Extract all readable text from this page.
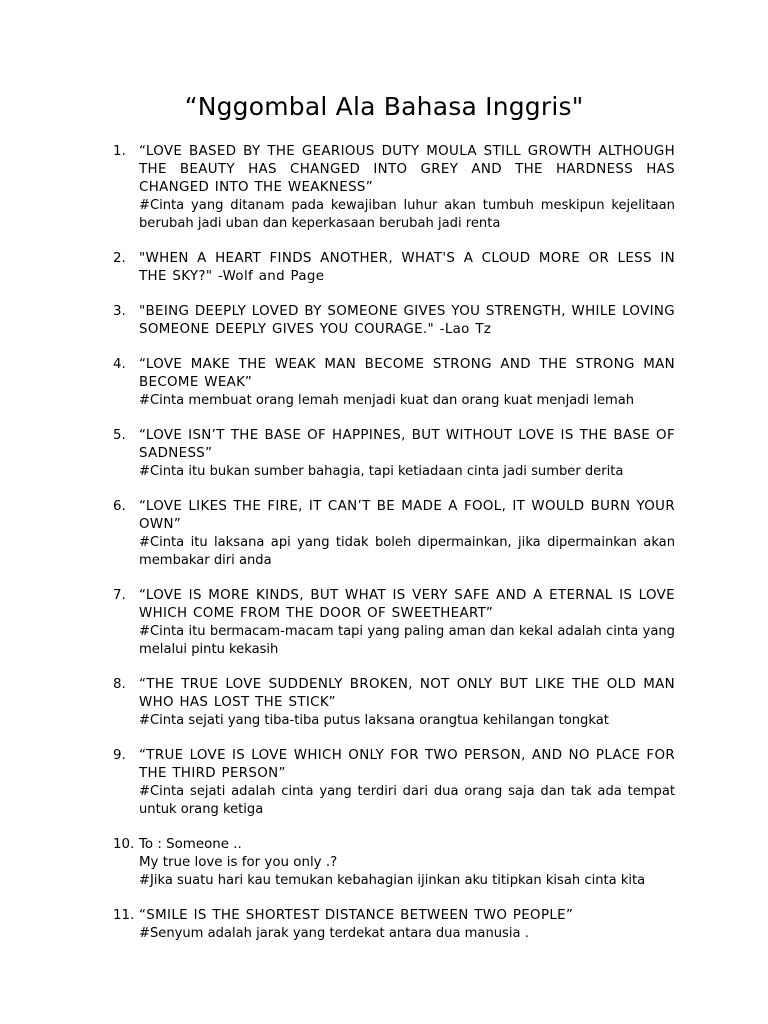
“Nggombal Ala Bahasa Inggris"
1. “LOVE BASED BY THE GEARIOUS DUTY MOULA STILL GROWTH ALTHOUGH THE BEAUTY HAS CHANGED INTO GREY AND THE HARDNESS HAS CHANGED INTO THE WEAKNESS”
#Cinta yang ditanam pada kewajiban luhur akan tumbuh meskipun kejelitaan berubah jadi uban dan keperkasaan berubah jadi renta
2. "WHEN A HEART FINDS ANOTHER, WHAT'S A CLOUD MORE OR LESS IN THE SKY?" -Wolf and Page
3. "BEING DEEPLY LOVED BY SOMEONE GIVES YOU STRENGTH, WHILE LOVING SOMEONE DEEPLY GIVES YOU COURAGE." -Lao Tz
4. “LOVE MAKE THE WEAK MAN BECOME STRONG AND THE STRONG MAN BECOME WEAK”
#Cinta membuat orang lemah menjadi kuat dan orang kuat menjadi lemah
5. “LOVE ISN’T THE BASE OF HAPPINES, BUT WITHOUT LOVE IS THE BASE OF SADNESS”
#Cinta itu bukan sumber bahagia, tapi ketiadaan cinta jadi sumber derita
6. “LOVE LIKES THE FIRE, IT CAN’T BE MADE A FOOL, IT WOULD BURN YOUR OWN”
#Cinta itu laksana api yang tidak boleh dipermainkan, jika dipermainkan akan membakar diri anda
7. “LOVE IS MORE KINDS, BUT WHAT IS VERY SAFE AND A ETERNAL IS LOVE WHICH COME FROM THE DOOR OF SWEETHEART”
#Cinta itu bermacam-macam tapi yang paling aman dan kekal adalah cinta yang melalui pintu kekasih
8. “THE TRUE LOVE SUDDENLY BROKEN, NOT ONLY BUT LIKE THE OLD MAN WHO HAS LOST THE STICK”
#Cinta sejati yang tiba-tiba putus laksana orangtua kehilangan tongkat
9. “TRUE LOVE IS LOVE WHICH ONLY FOR TWO PERSON, AND NO PLACE FOR THE THIRD PERSON”
#Cinta sejati adalah cinta yang terdiri dari dua orang saja dan tak ada tempat untuk orang ketiga
10. To : Someone ..
My true love is for you only .?
#Jika suatu hari kau temukan kebahagian ijinkan aku titipkan kisah cinta kita
11. “SMILE IS THE SHORTEST DISTANCE BETWEEN TWO PEOPLE”
#Senyum adalah jarak yang terdekat antara dua manusia .
